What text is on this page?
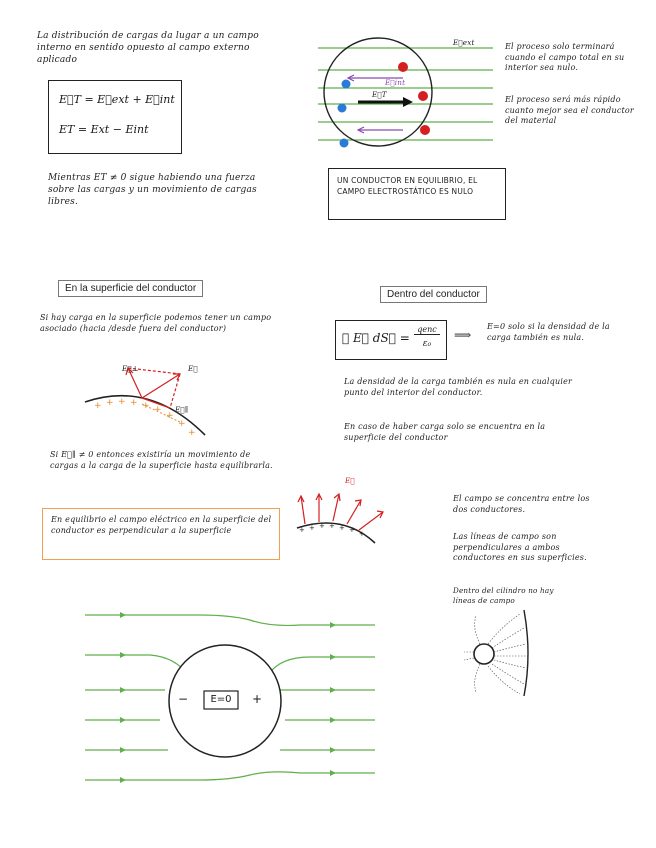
La distribución de cargas da lugar a un campo interno en sentido opuesto al campo externo aplicado
E⃗T = E⃗ext + E⃗int
ET = Ext − Eint
Mientras ET ≠ 0 sigue habiendo una fuerza sobre las cargas y un movimiento de cargas libres.
E⃗ext
E⃗int
E⃗T
El proceso solo terminará cuando el campo total en su interior sea nulo.
El proceso será más rápido cuanto mejor sea el conductor del material
UN CONDUCTOR EN EQUILIBRIO, EL CAMPO ELECTROSTÁTICO ES NULO
En la superficie del conductor
Si hay carga en la superficie podemos tener un campo asociado (hacia /desde fuera del conductor)
+ + + + + +
+
+
+
E⃗⊥	E⃗
E⃗∥
Si E⃗∥ ≠ 0 entonces existiría un movimiento de cargas a la carga de la superficie hasta equilibrarla.
En equilibrio el campo eléctrico en la superficie del conductor es perpendicular a la superficie
Dentro del conductor
∮ E⃗ dS⃗ =
qenc
ε₀
⟹
E=0 solo si la densidad de la carga también es nula.
La densidad de la carga también es nula en cualquier punto del interior del conductor.
En caso de haber carga solo se encuentra en la superficie del conductor
+ + + + + + +
E⃗
El campo se concentra entre los dos conductores.
Las líneas de campo son perpendiculares a ambos conductores en sus superficies.
Dentro del cilindro no hay líneas de campo
E=0
−	+
